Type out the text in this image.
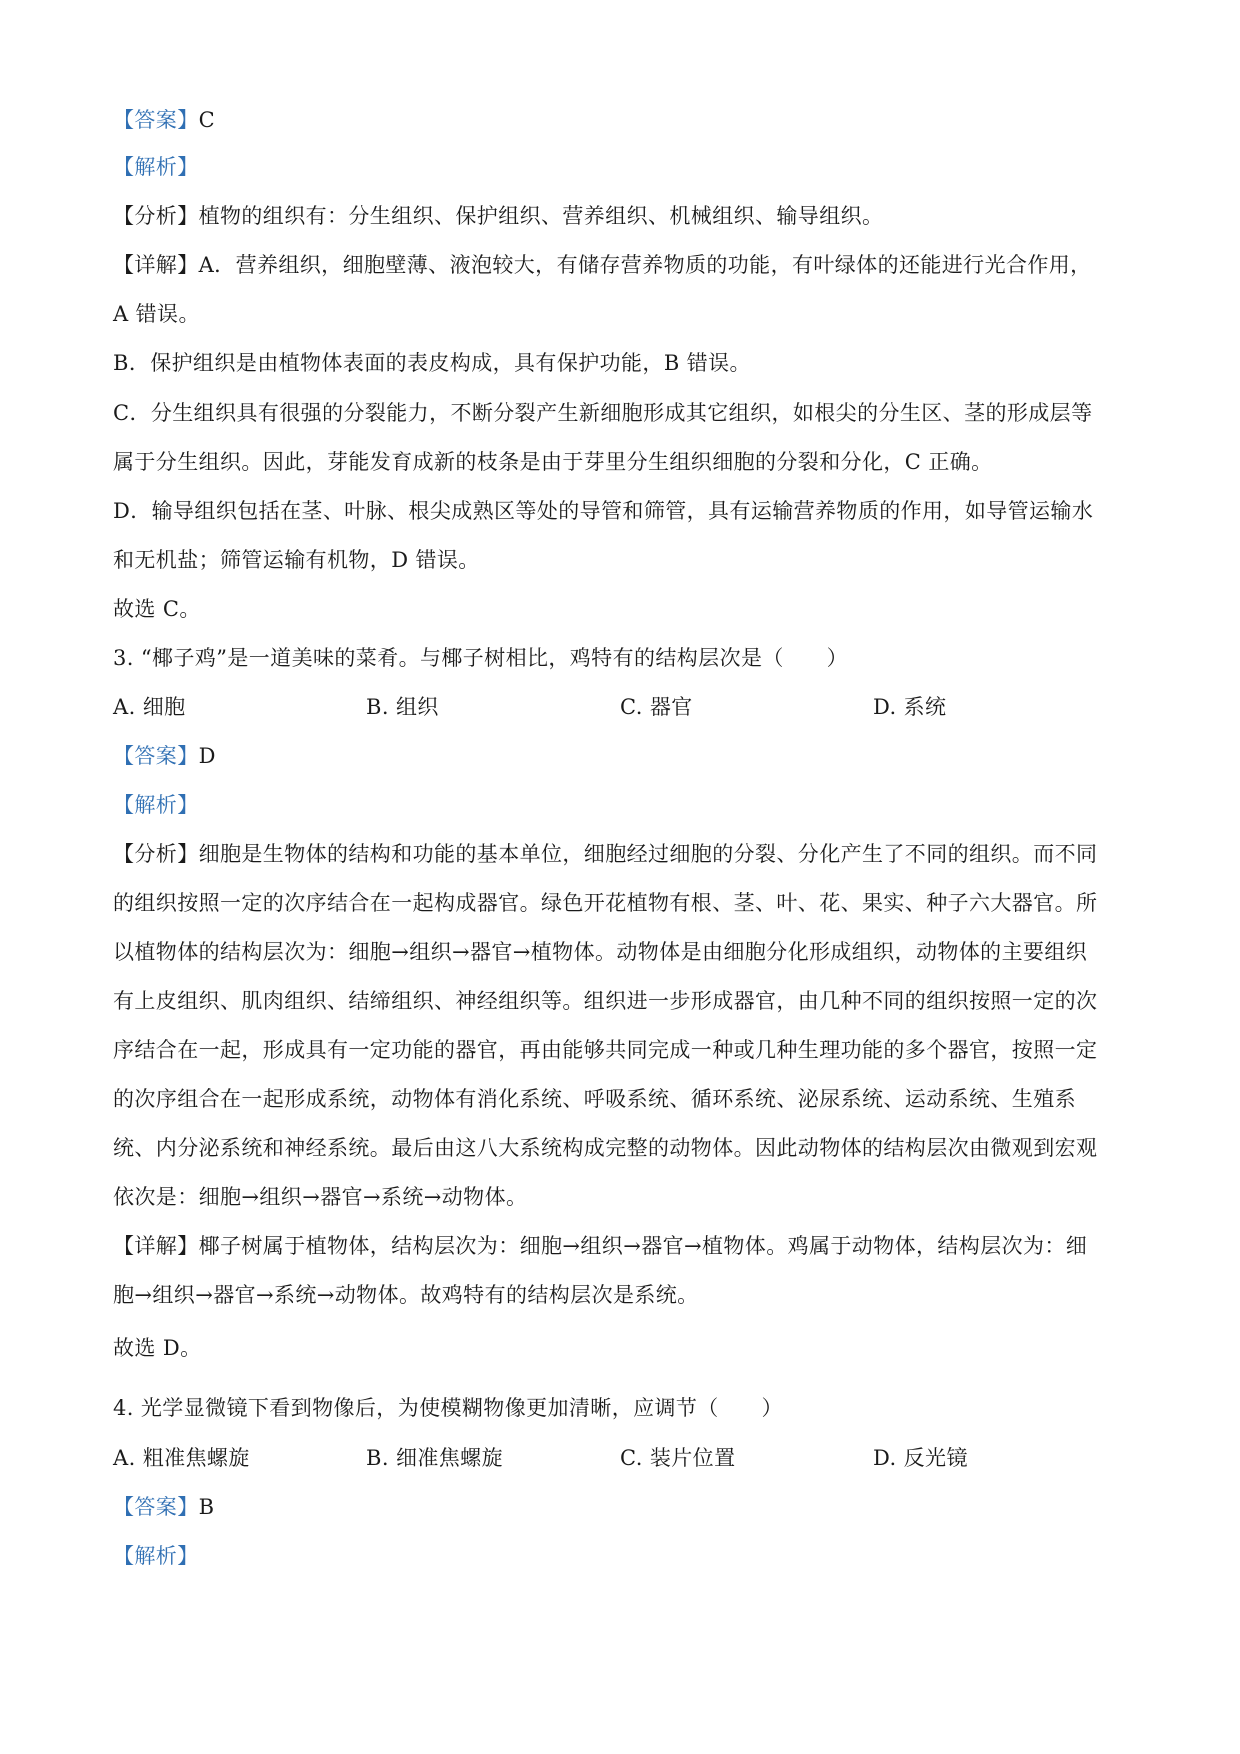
【答案】C
【解析】
【分析】植物的组织有：分生组织、保护组织、营养组织、机械组织、输导组织。
【详解】A．营养组织，细胞壁薄、液泡较大，有储存营养物质的功能，有叶绿体的还能进行光合作用，
A 错误。
B．保护组织是由植物体表面的表皮构成，具有保护功能，B 错误。
C．分生组织具有很强的分裂能力，不断分裂产生新细胞形成其它组织，如根尖的分生区、茎的形成层等
属于分生组织。因此，芽能发育成新的枝条是由于芽里分生组织细胞的分裂和分化，C 正确。
D．输导组织包括在茎、叶脉、根尖成熟区等处的导管和筛管，具有运输营养物质的作用，如导管运输水
和无机盐；筛管运输有机物，D 错误。
故选 C。
3. “椰子鸡”是一道美味的菜肴。与椰子树相比，鸡特有的结构层次是（　　）
A. 细胞	B. 组织	C. 器官	D. 系统
【答案】D
【解析】
【分析】细胞是生物体的结构和功能的基本单位，细胞经过细胞的分裂、分化产生了不同的组织。而不同
的组织按照一定的次序结合在一起构成器官。绿色开花植物有根、茎、叶、花、果实、种子六大器官。所
以植物体的结构层次为：细胞→组织→器官→植物体。动物体是由细胞分化形成组织，动物体的主要组织
有上皮组织、肌肉组织、结缔组织、神经组织等。组织进一步形成器官，由几种不同的组织按照一定的次
序结合在一起，形成具有一定功能的器官，再由能够共同完成一种或几种生理功能的多个器官，按照一定
的次序组合在一起形成系统，动物体有消化系统、呼吸系统、循环系统、泌尿系统、运动系统、生殖系
统、内分泌系统和神经系统。最后由这八大系统构成完整的动物体。因此动物体的结构层次由微观到宏观
依次是：细胞→组织→器官→系统→动物体。
【详解】椰子树属于植物体，结构层次为：细胞→组织→器官→植物体。鸡属于动物体，结构层次为：细
胞→组织→器官→系统→动物体。故鸡特有的结构层次是系统。
故选 D。
4. 光学显微镜下看到物像后，为使模糊物像更加清晰，应调节（　　）
A. 粗准焦螺旋	B. 细准焦螺旋	C. 装片位置	D. 反光镜
【答案】B
【解析】
